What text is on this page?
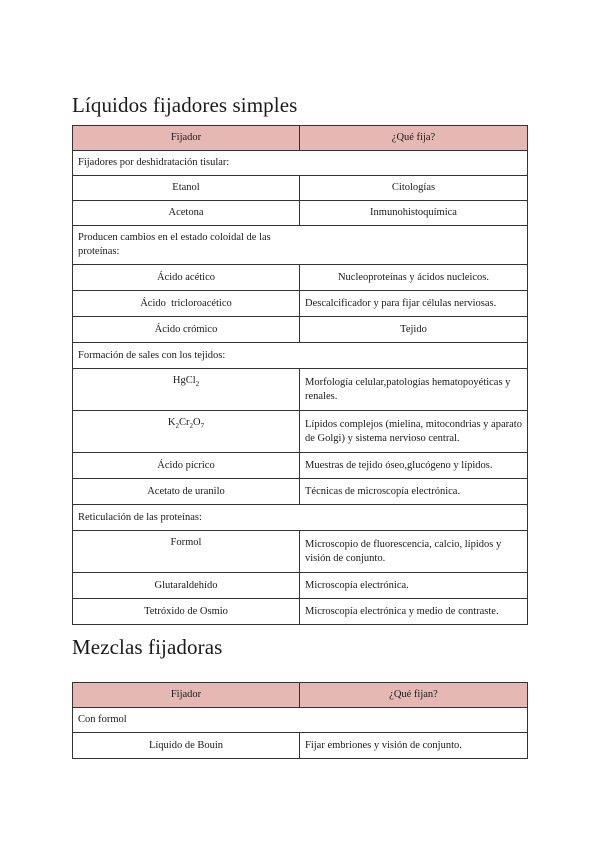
Líquidos fijadores simples
Fijador	¿Qué fija?
Fijadores por deshidratación tisular:	
Etanol	Citologías
Acetona	Inmunohistoquímica

Producen cambios en el estado coloidal de las proteínas:	

Ácido acético	Nucleoproteínas y ácidos nucleicos.
Ácido  tricloroacético	Descalcificador y para fijar células nerviosas.
Ácido crómico	Tejido
Formación de sales con los tejidos:	
HgCl$_2$	Morfología celular,patologías hematopoyéticas y renales.
$K_2Cr_2O_7$	Lípidos complejos (mielina, mitocondrias y aparato de Golgi) y sistema nervioso central.
Ácido pícrico	Muestras de tejido óseo,glucógeno y lípidos.
Acetato de uranilo	Técnicas de microscopía electrónica.
Reticulación de las proteínas:	
Formol	Microscopio de fluorescencia, calcio, lípidos y visión de conjunto.
Glutaraldehído	Microscopía electrónica.
Tetróxido de Osmio	Microscopía electrónica y medio de contraste.
Mezclas fijadoras
Fijador	¿Qué fijan?
Con formol	
Líquido de Bouin	Fijar embriones y visión de conjunto.
